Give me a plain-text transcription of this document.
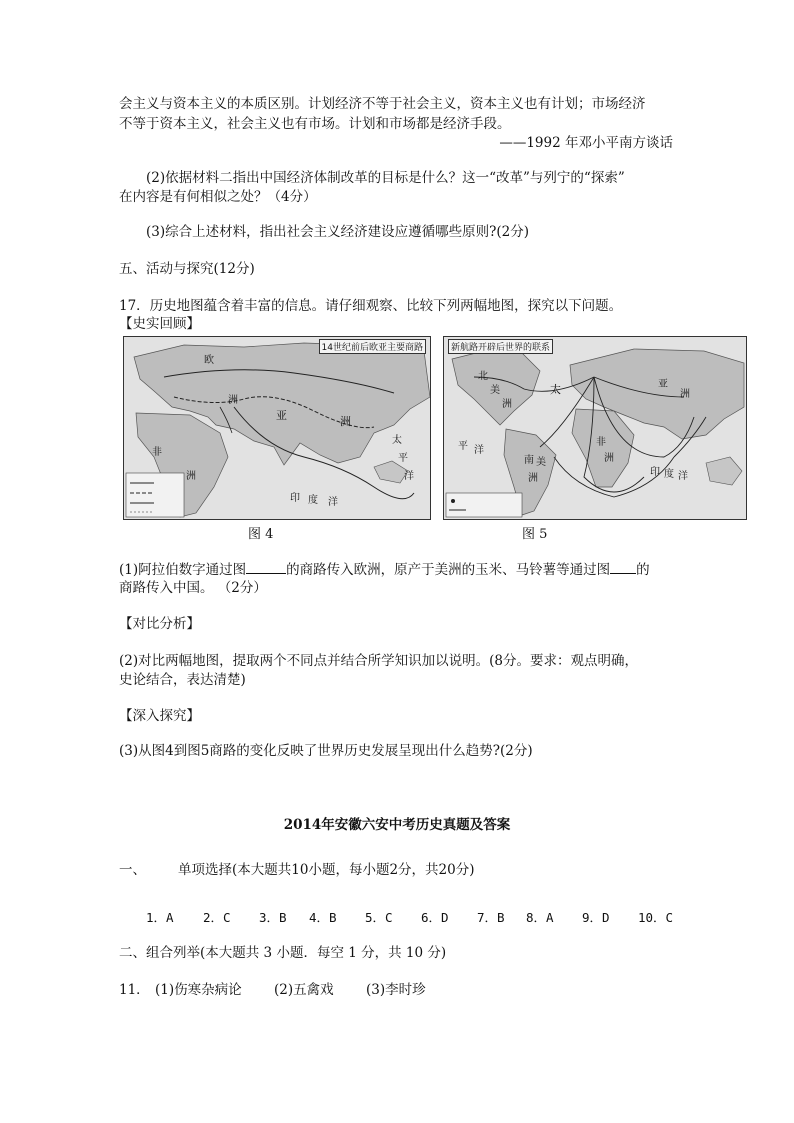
会主义与资本主义的本质区别。计划经济不等于社会主义，资本主义也有计划；市场经济
不等于资本主义，社会主义也有市场。计划和市场都是经济手段。
——1992 年邓小平南方谈话
(2)依据材料二指出中国经济体制改革的目标是什么？这一“改革”与列宁的“探索”
在内容是有何相似之处？（4分）
(3)综合上述材料，指出社会主义经济建设应遵循哪些原则?(2分)
五、活动与探究(12分)
17．历史地图蕴含着丰富的信息。请仔细观察、比较下列两幅地图，探究以下问题。
【史实回顾】
14世纪前后欧亚主要商路
欧
洲
亚	洲
非
洲
太
平
洋
印 度 洋
新航路开辟后世界的联系
北
美
洲
太
平 洋
亚
洲
非
洲
南 美
洲
印 度 洋
图 4	图 5
(1)阿拉伯数字通过图	的商路传入欧洲，原产于美洲的玉米、马铃薯等通过图 的
商路传入中国。 （2分）
【对比分析】
(2)对比两幅地图，提取两个不同点并结合所学知识加以说明。(8分。要求：观点明确，
史论结合，表达清楚)
【深入探究】
(3)从图4到图5商路的变化反映了世界历史发展呈现出什么趋势?(2分)
2014年安徽六安中考历史真题及答案
一、 单项选择(本大题共10小题，每小题2分，共20分)
1．A 2．C 3．B 4．B 5．C 6．D 7．B 8．A 9．D 10．C
二、组合列举(本大题共 3 小题．每空 1 分，共 10 分)
11． (1)伤寒杂病论 (2)五禽戏 (3)李时珍
